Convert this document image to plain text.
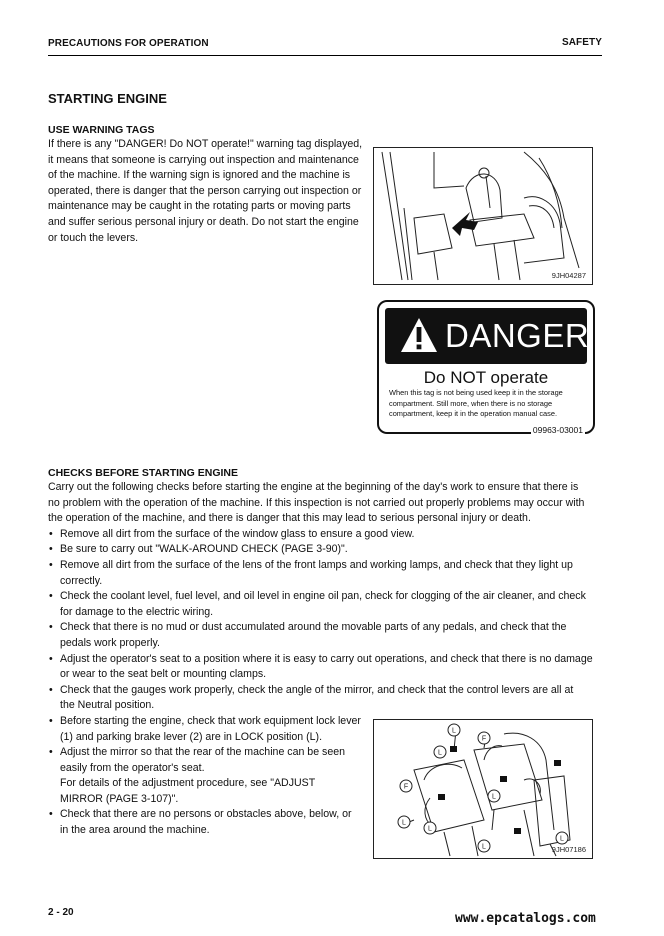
PRECAUTIONS FOR OPERATION	SAFETY
STARTING ENGINE
USE WARNING TAGS
If there is any "DANGER! Do NOT operate!" warning tag displayed,
it means that someone is carrying out inspection and maintenance
of the machine. If the warning sign is ignored and the machine is
operated, there is danger that the person carrying out inspection or
maintenance may be caught in the rotating parts or moving parts
and suffer serious personal injury or death. Do not start the engine
or touch the levers.
9JH04287
DANGER
Do NOT operate
When this tag is not being used keep it in the storage
compartment. Still more, when there is no storage
compartment, keep it in the operation manual case.
09963-03001
CHECKS BEFORE STARTING ENGINE
Carry out the following checks before starting the engine at the beginning of the day's work to ensure that there is
no problem with the operation of the machine. If this inspection is not carried out properly problems may occur with
the operation of the machine, and there is danger that this may lead to serious personal injury or death.
• Remove all dirt from the surface of the window glass to ensure a good view.
• Be sure to carry out "WALK-AROUND CHECK (PAGE 3-90)".
• Remove all dirt from the surface of the lens of the front lamps and working lamps, and check that they light up
correctly.
• Check the coolant level, fuel level, and oil level in engine oil pan, check for clogging of the air cleaner, and check
for damage to the electric wiring.
• Check that there is no mud or dust accumulated around the movable parts of any pedals, and check that the
pedals work properly.
• Adjust the operator's seat to a position where it is easy to carry out operations, and check that there is no damage
or wear to the seat belt or mounting clamps.
• Check that the gauges work properly, check the angle of the mirror, and check that the control levers are all at
the Neutral position.
• Before starting the engine, check that work equipment lock lever
(1) and parking brake lever (2) are in LOCK position (L).
• Adjust the mirror so that the rear of the machine can be seen
easily from the operator's seat.
For details of the adjustment procedure, see "ADJUST
MIRROR (PAGE 3-107)".
• Check that there are no persons or obstacles above, below, or
in the area around the machine.
L
L
F
F
L
L
L
L
L
9JH07186
2 - 20	www.epcatalogs.com
